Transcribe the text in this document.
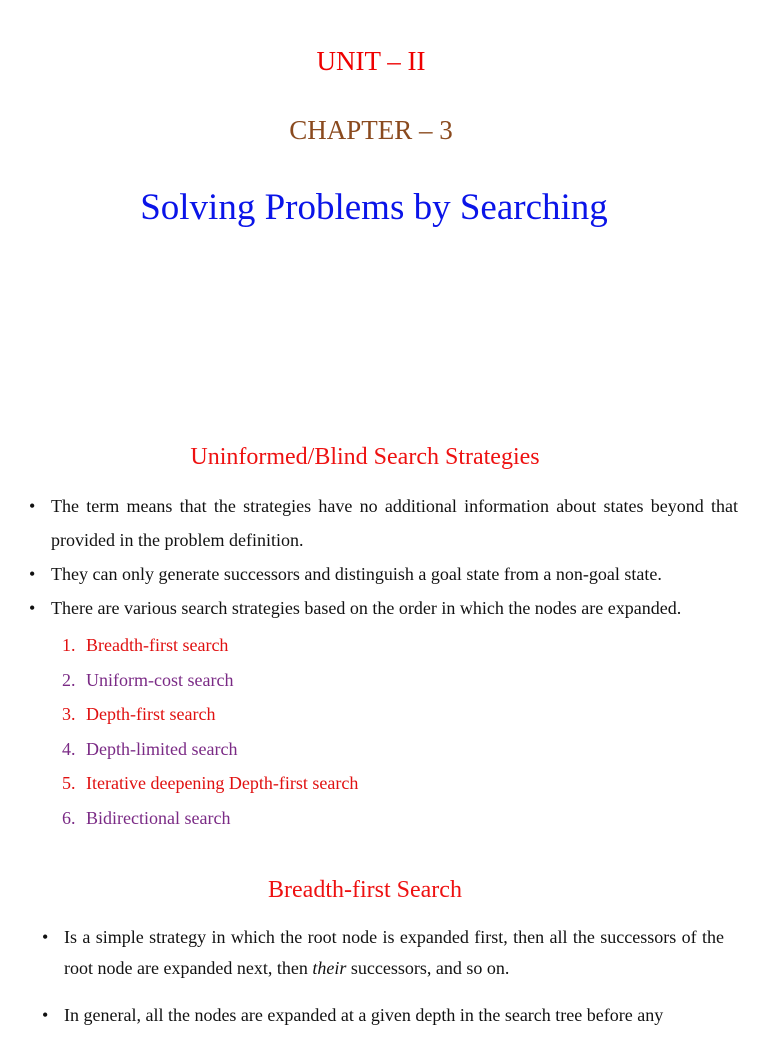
UNIT – II
CHAPTER – 3
Solving Problems by Searching
Uninformed/Blind Search Strategies
• The term means that the strategies have no additional information about states beyond that provided in the problem definition.
• They can only generate successors and distinguish a goal state from a non-goal state.
• There are various search strategies based on the order in which the nodes are expanded.
1. Breadth-first search
2. Uniform-cost search
3. Depth-first search
4. Depth-limited search
5. Iterative deepening Depth-first search
6. Bidirectional search
Breadth-first Search
• Is a simple strategy in which the root node is expanded first, then all the successors of the root node are expanded next, then their successors, and so on.
• In general, all the nodes are expanded at a given depth in the search tree before any
